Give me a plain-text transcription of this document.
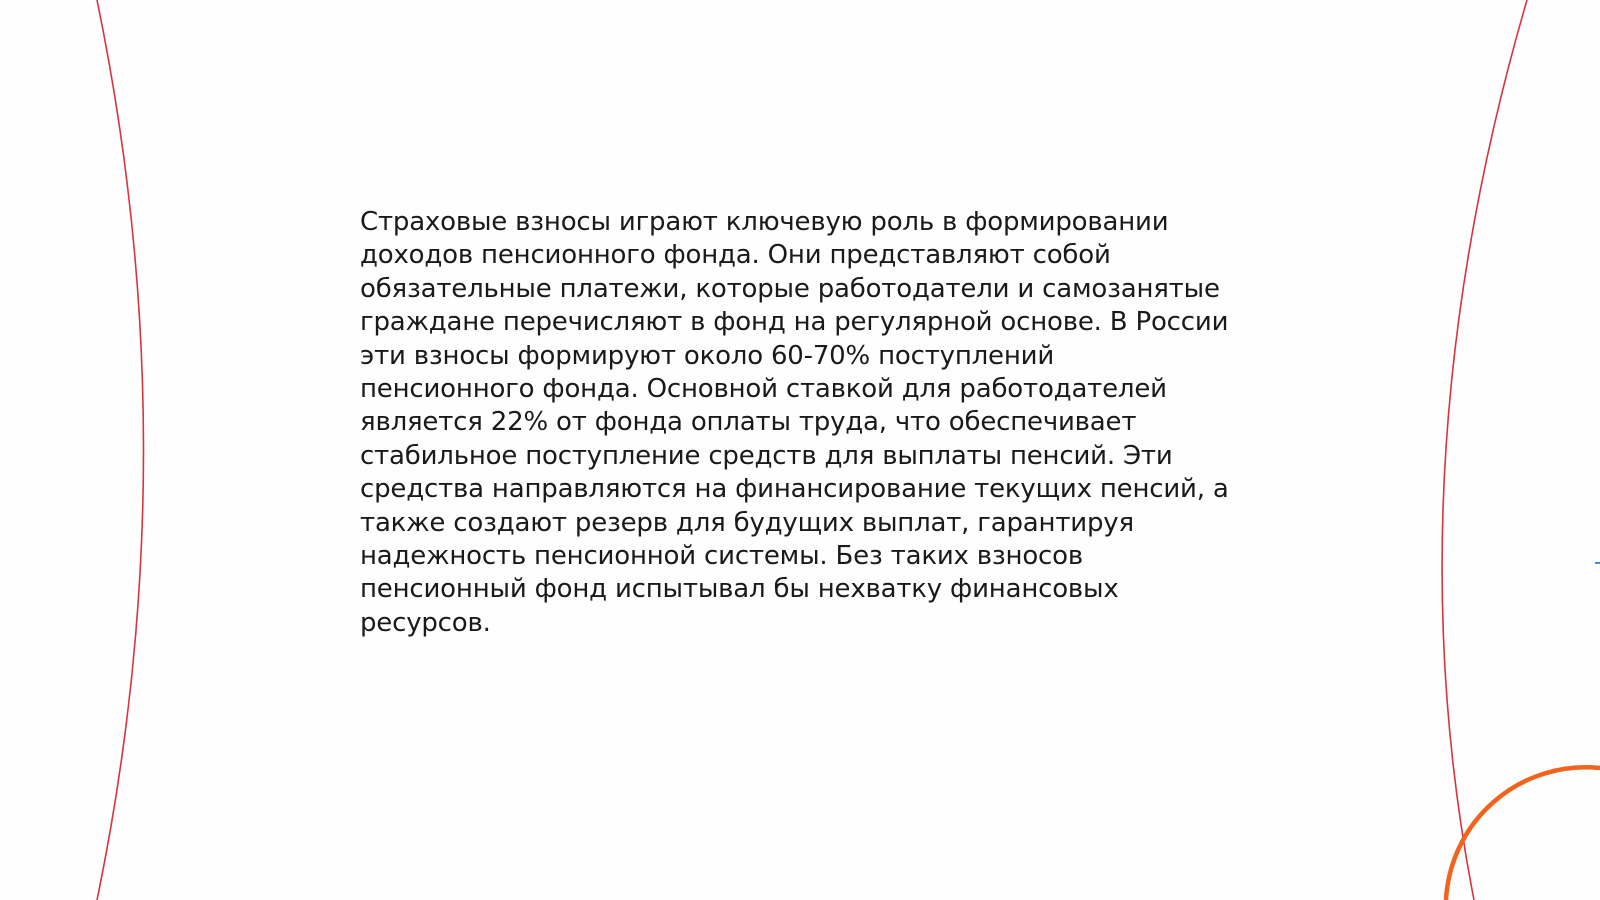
Страховые взносы играют ключевую роль в формировании
доходов пенсионного фонда. Они представляют собой
обязательные платежи, которые работодатели и самозанятые
граждане перечисляют в фонд на регулярной основе. В России
эти взносы формируют около 60-70% поступлений
пенсионного фонда. Основной ставкой для работодателей
является 22% от фонда оплаты труда, что обеспечивает
стабильное поступление средств для выплаты пенсий. Эти
средства направляются на финансирование текущих пенсий, а
также создают резерв для будущих выплат, гарантируя
надежность пенсионной системы. Без таких взносов
пенсионный фонд испытывал бы нехватку финансовых
ресурсов.
